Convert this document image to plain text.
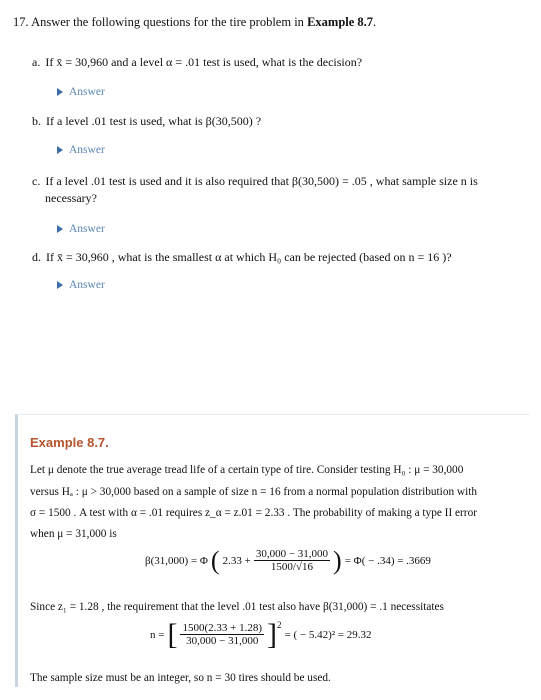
17. Answer the following questions for the tire problem in Example 8.7.
a. If x̄ = 30,960 and a level α = .01 test is used, what is the decision?
Answer
b. If a level .01 test is used, what is β(30,500) ?
Answer
c. If a level .01 test is used and it is also required that β(30,500) = .05 , what sample size n is
necessary?
Answer
d. If x̄ = 30,960 , what is the smallest α at which H₀ can be rejected (based on n = 16 )?
Answer
Example 8.7.
Let μ denote the true average tread life of a certain type of tire. Consider testing H₀ : μ = 30,000
versus Hₐ : μ > 30,000 based on a sample of size n = 16 from a normal population distribution with
σ = 1500 . A test with α = .01 requires z_α = z.01 = 2.33 . The probability of making a type II error
when μ = 31,000 is
β(31,000) = Φ ( $2.33 + \frac{30,000 - 31,000}{1500/√16}$ ) = Φ( − .34) = .3669
Since z₁ = 1.28 , the requirement that the level .01 test also have β(31,000) = .1 necessitates
n = [ $\frac{1500(2.33 + 1.28)}{30,000 - 31,000} ]^2$
= ( − 5.42)² = 29.32
The sample size must be an integer, so n = 30 tires should be used.
